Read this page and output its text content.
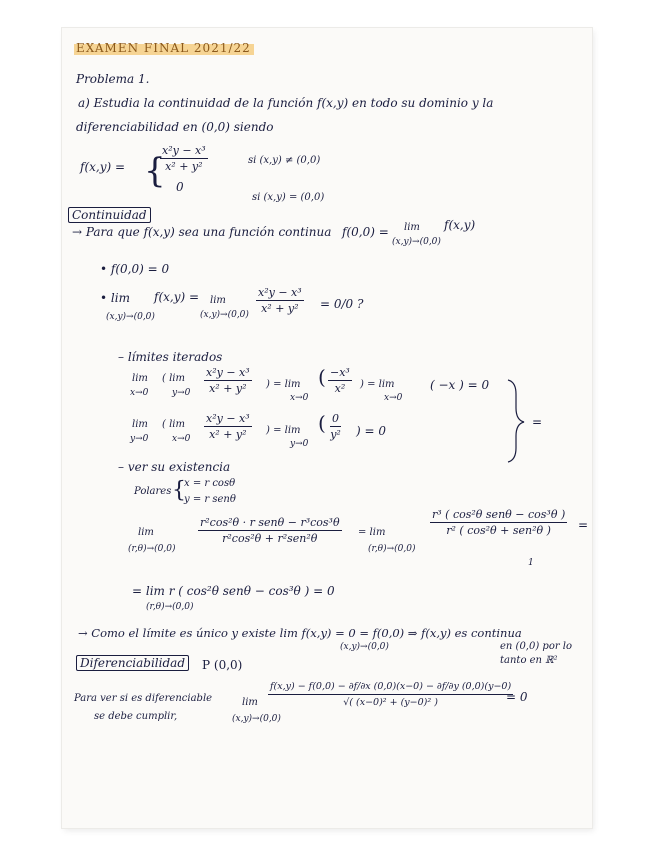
EXAMEN FINAL 2021/22
Problema 1.
a) Estudia la continuidad de la función f(x,y) en todo su dominio y la
diferenciabilidad en (0,0) siendo
f(x,y) = {
$\frac{\text{x²y − x³}}{\text{x² + y²}}$	si (x,y) ≠ (0,0)
0
si (x,y) = (0,0)
Continuidad
→ Para que f(x,y) sea una función continua f(0,0) = lim
(x,y)→(0,0)
f(x,y)
• f(0,0) = 0
• lim
(x,y)→(0,0)
f(x,y) = lim
$(x,y)\to(0,0) \frac{\text{x²y − x³}}{\text{x² + y²}} = 0/0$ ?
– límites iterados
lim
x→0
( lim
$y\to 0 \frac{\text{x²y − x³}}{\text{x² + y²}}$ ) = lim
x→0
( $\frac{\text{−x³}}{\text{x²}}$ ) = lim
x→0
( −x ) = 0
lim
y→0
( lim
$x\to 0 \frac{\text{x²y − x³}}{\text{x² + y²}}$ ) = lim
y→0
( $\frac{0}{\text{y²}}$ ) = 0
=
– ver su existencia
Polares {
x = r cosθ
y = r senθ
lim
(r,θ)→(0,0)
r²cos²θ · r senθ − r³cos³θ
r²cos²θ + r²sen²θ	= lim
(r,θ)→(0,0)
r³ ( cos²θ senθ − cos³θ )
r² ( cos²θ + sen²θ )
1
=
= lim r ( cos²θ senθ − cos³θ ) = 0
(r,θ)→(0,0)
→ Como el límite es único y existe lim f(x,y) = 0 = f(0,0) ⇒ f(x,y) es continua
(x,y)→(0,0)	en (0,0) por lo
tanto en ℝ²
Diferenciabilidad	P (0,0)
Para ver si es diferenciable
se debe cumplir,
lim
(x,y)→(0,0)
$\frac{f(x,y) - f(0,0) - \partial f/\partial x (0,0)(x-0) - \partial f/\partial y (0,0)(y-0)}{\text{√( (x−0)² + (y−0)² )}}$
= 0
